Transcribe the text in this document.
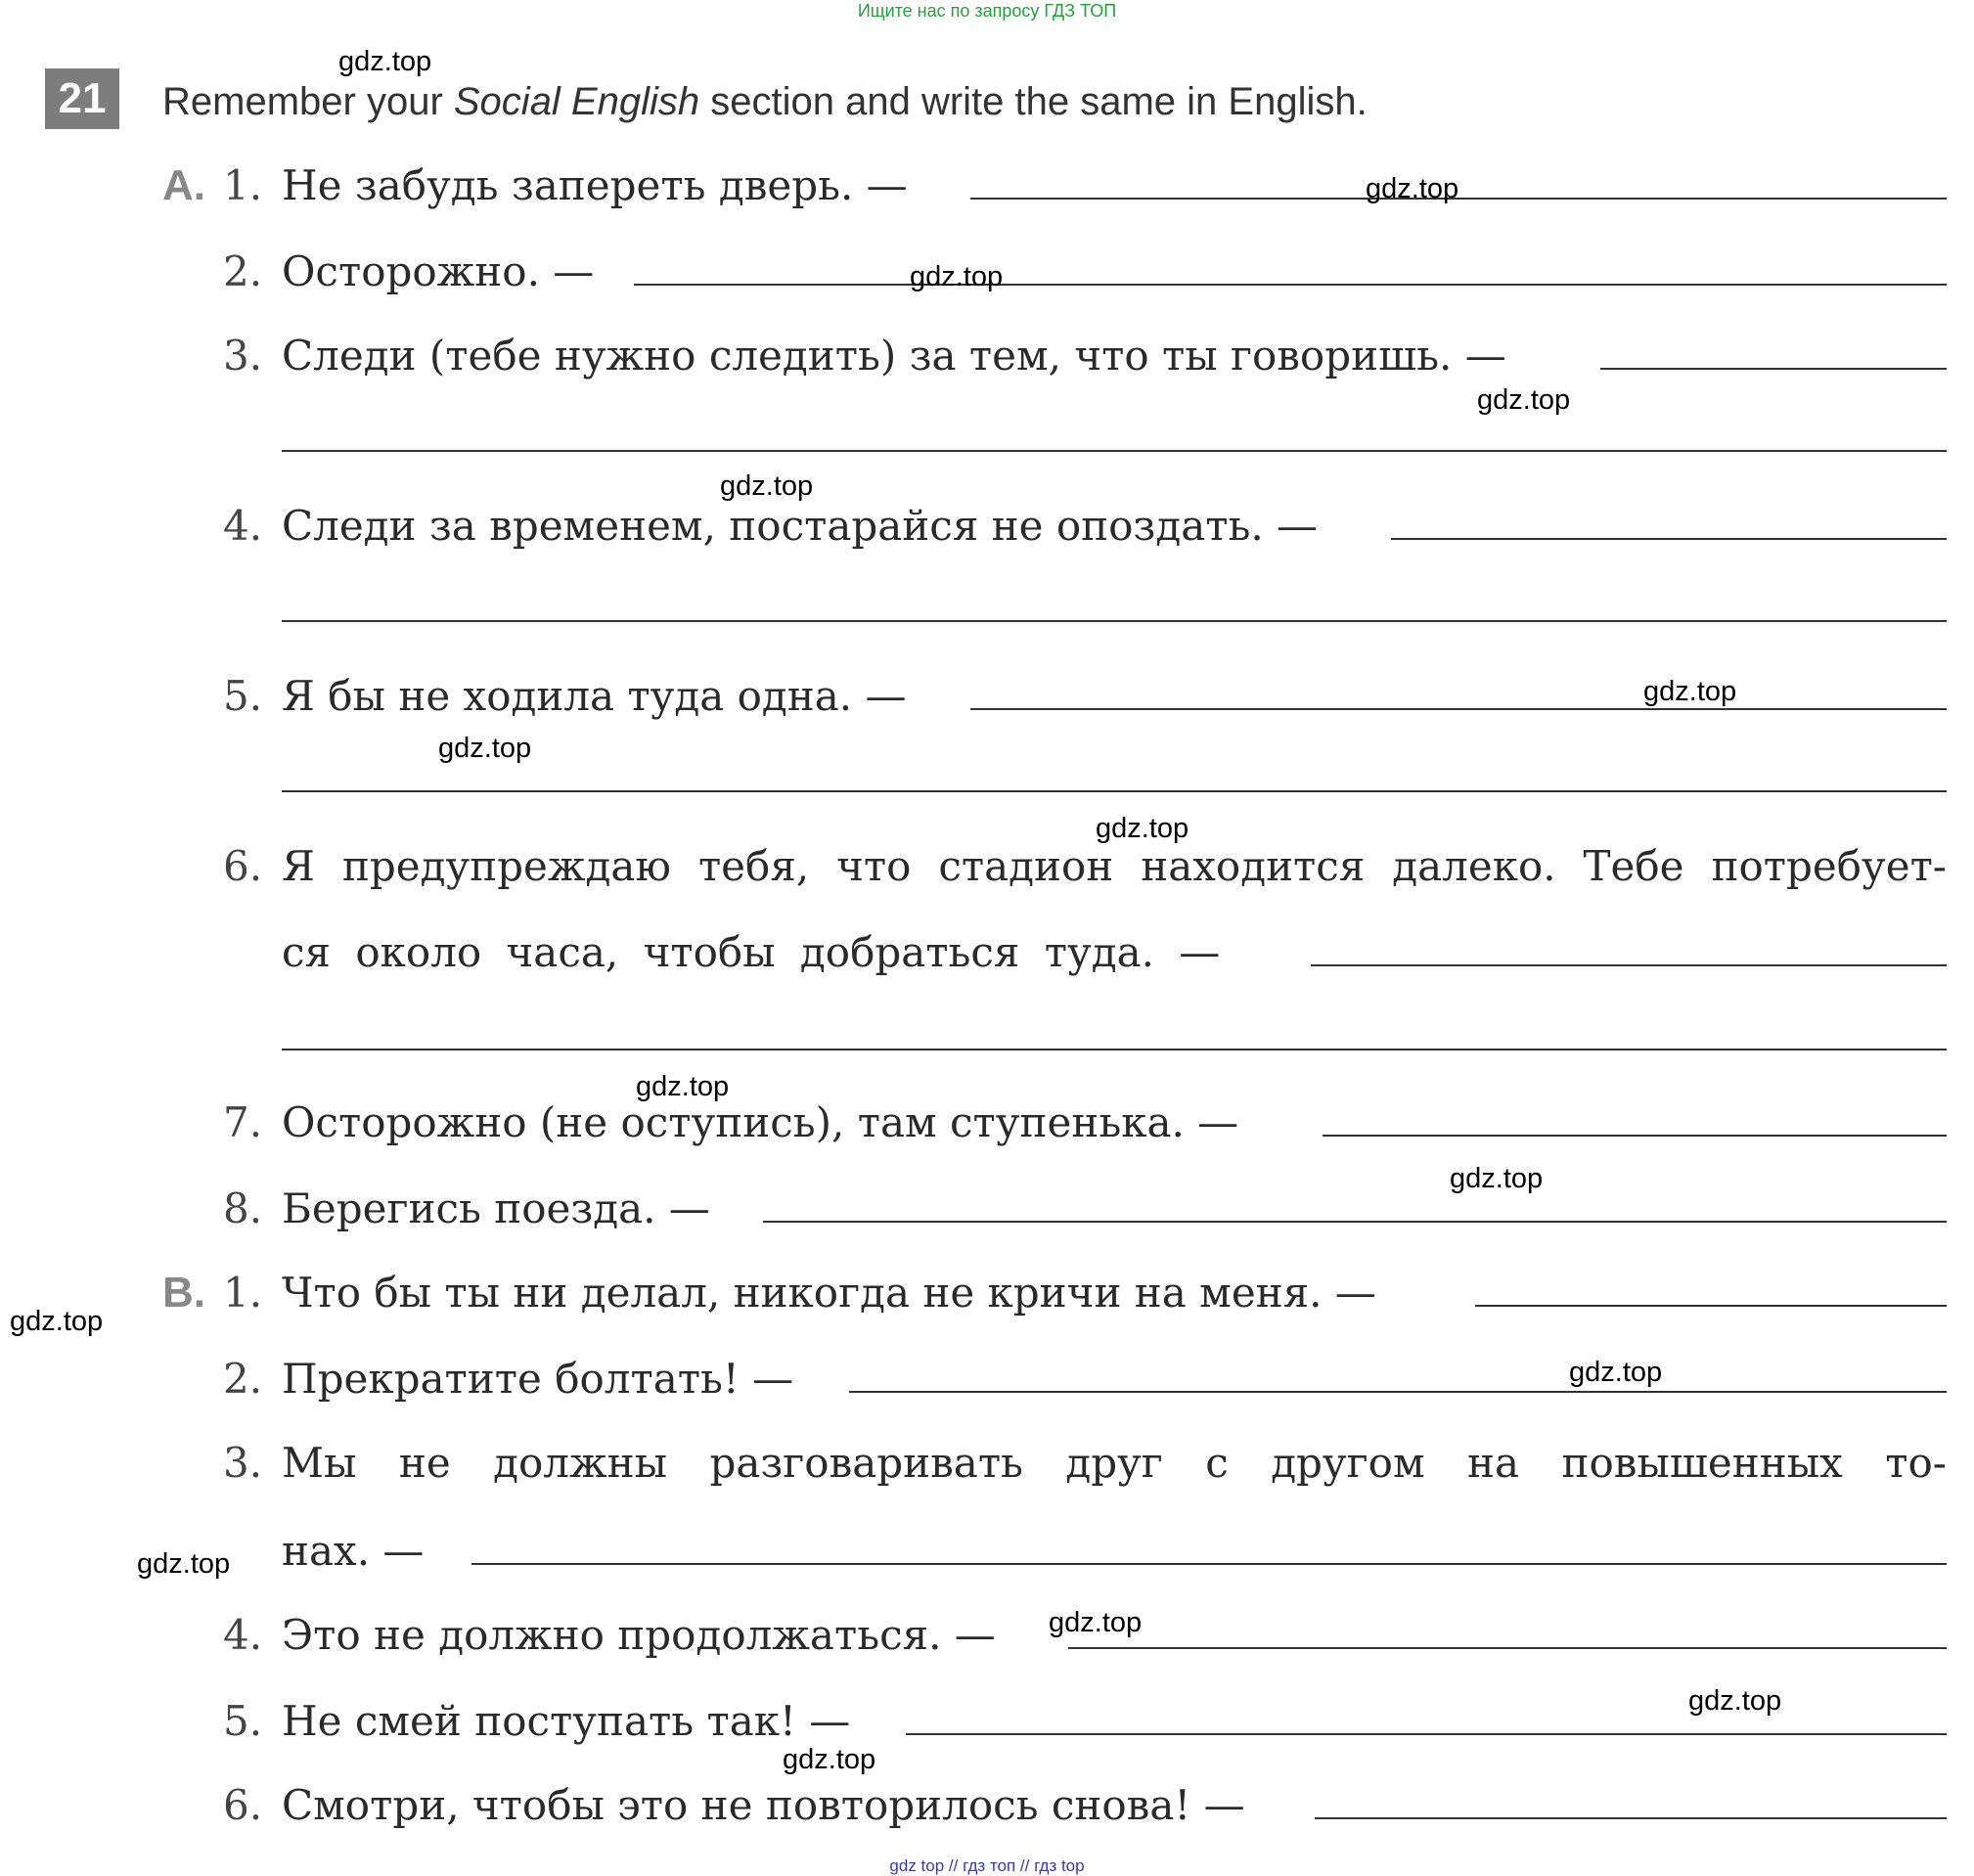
Ищите нас по запросу ГДЗ ТОП
21	Remember your Social English section and write the same in English.
A. 1. Не забудь запереть дверь. —
2. Осторожно. —
3. Следи (тебе нужно следить) за тем, что ты говоришь. —
4. Следи за временем, постарайся не опоздать. —
5. Я бы не ходила туда одна. —
6. Я предупреждаю тебя, что стадион находится далеко. Тебе потребует-
ся около часа, чтобы добраться туда. —
7. Осторожно (не оступись), там ступенька. —
8. Берегись поезда. —
B. 1. Что бы ты ни делал, никогда не кричи на меня. —
2. Прекратите болтать! —
3. Мы не должны разговаривать друг с другом на повышенных то-
нах. —
4. Это не должно продолжаться. —
5. Не смей поступать так! —
6. Смотри, чтобы это не повторилось снова! —
gdz.top
gdz.top
gdz.top
gdz.top
gdz.top
gdz.top
gdz.top
gdz.top
gdz.top
gdz.top
gdz.top
gdz.top
gdz.top
gdz.top
gdz.top
gdz.top
gdz top // гдз топ // гдз top
